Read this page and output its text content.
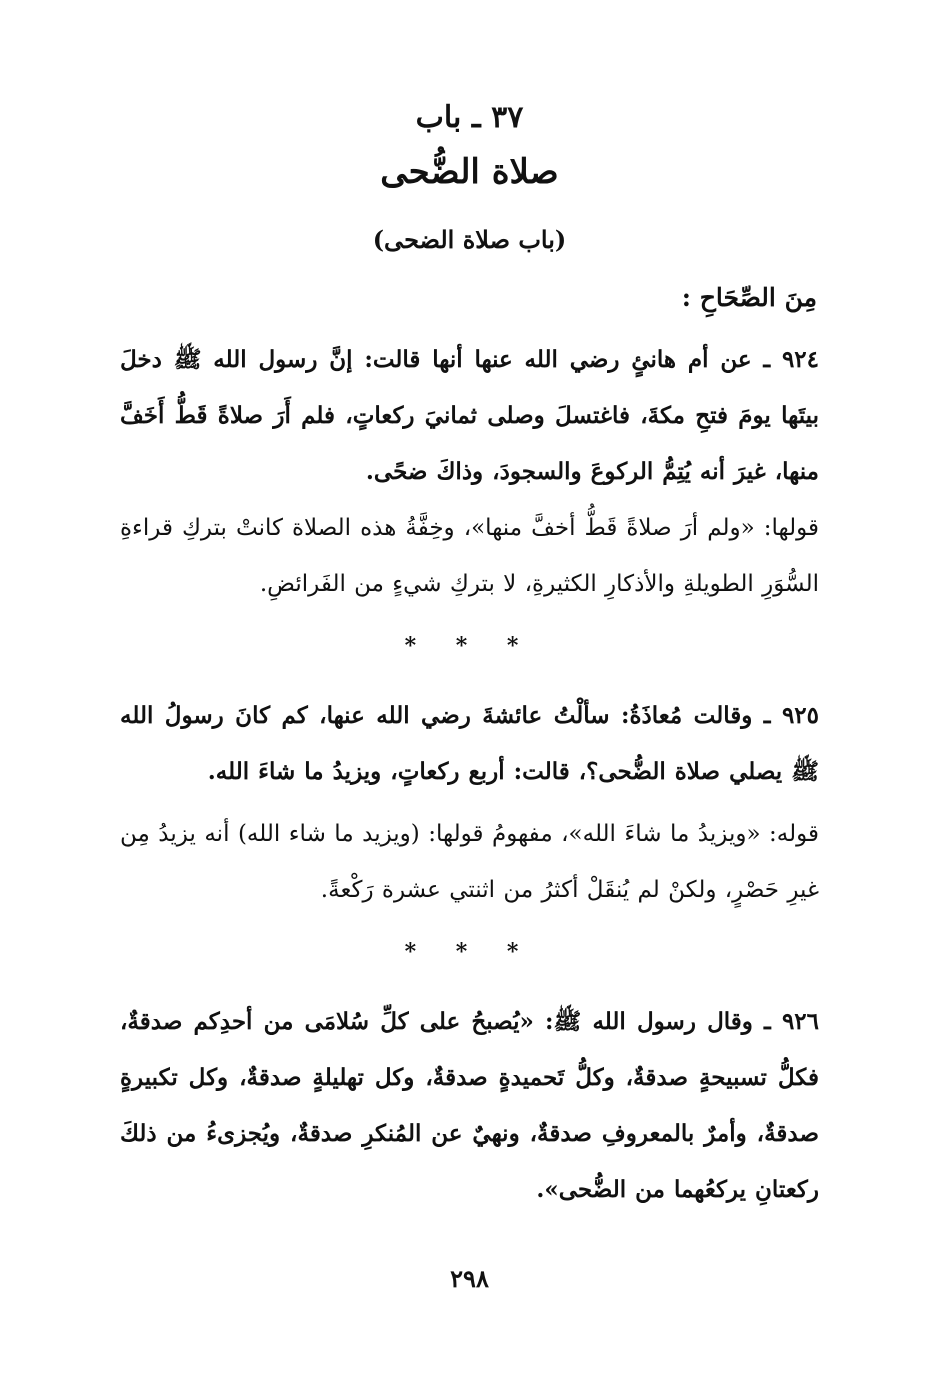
٣٧ ـ باب
صلاة الضُّحى
(باب صلاة الضحى)
مِنَ الصِّحَاحِ :
٩٢٤ ـ عن أم هانئٍ رضي الله عنها أنها قالت: إنَّ رسول الله ﷺ دخلَ بيتَها يومَ فتحِ مكةَ، فاغتسلَ وصلى ثمانيَ ركعاتٍ، فلم أَرَ صلاةً قَطُّ أَخَفَّ منها، غيرَ أنه يُتِمُّ الركوعَ والسجودَ، وذاكَ ضحًى.
قولها: «ولم أرَ صلاةً قَطُّ أخفَّ منها»، وخِفَّةُ هذه الصلاة كانتْ بتركِ قراءةِ السُّوَرِ الطويلةِ والأذكارِ الكثيرةِ، لا بتركِ شيءٍ من الفَرائضِ.
* * *
٩٢٥ ـ وقالت مُعاذَةُ: سألْتُ عائشةَ رضي الله عنها، كم كانَ رسولُ الله ﷺ يصلي صلاة الضُّحى؟، قالت: أربع ركعاتٍ، ويزيدُ ما شاءَ الله.
قوله: «ويزيدُ ما شاءَ الله»، مفهومُ قولها: (ويزيد ما شاء الله) أنه يزيدُ مِن غيرِ حَصْرٍ، ولكنْ لم يُنقَلْ أكثرُ من اثنتي عشرة رَكْعةً.
* * *
٩٢٦ ـ وقال رسول الله ﷺ: «يُصبحُ على كلِّ سُلامَى من أحدِكم صدقةٌ، فكلُّ تسبيحةٍ صدقةٌ، وكلُّ تَحميدةٍ صدقةٌ، وكل تهليلةٍ صدقةٌ، وكل تكبيرةٍ صدقةٌ، وأمرٌ بالمعروفِ صدقةٌ، ونهيٌ عن المُنكرِ صدقةٌ، ويُجزىءُ من ذلكَ ركعتانِ يركعُهما من الضُّحى».
٢٩٨
